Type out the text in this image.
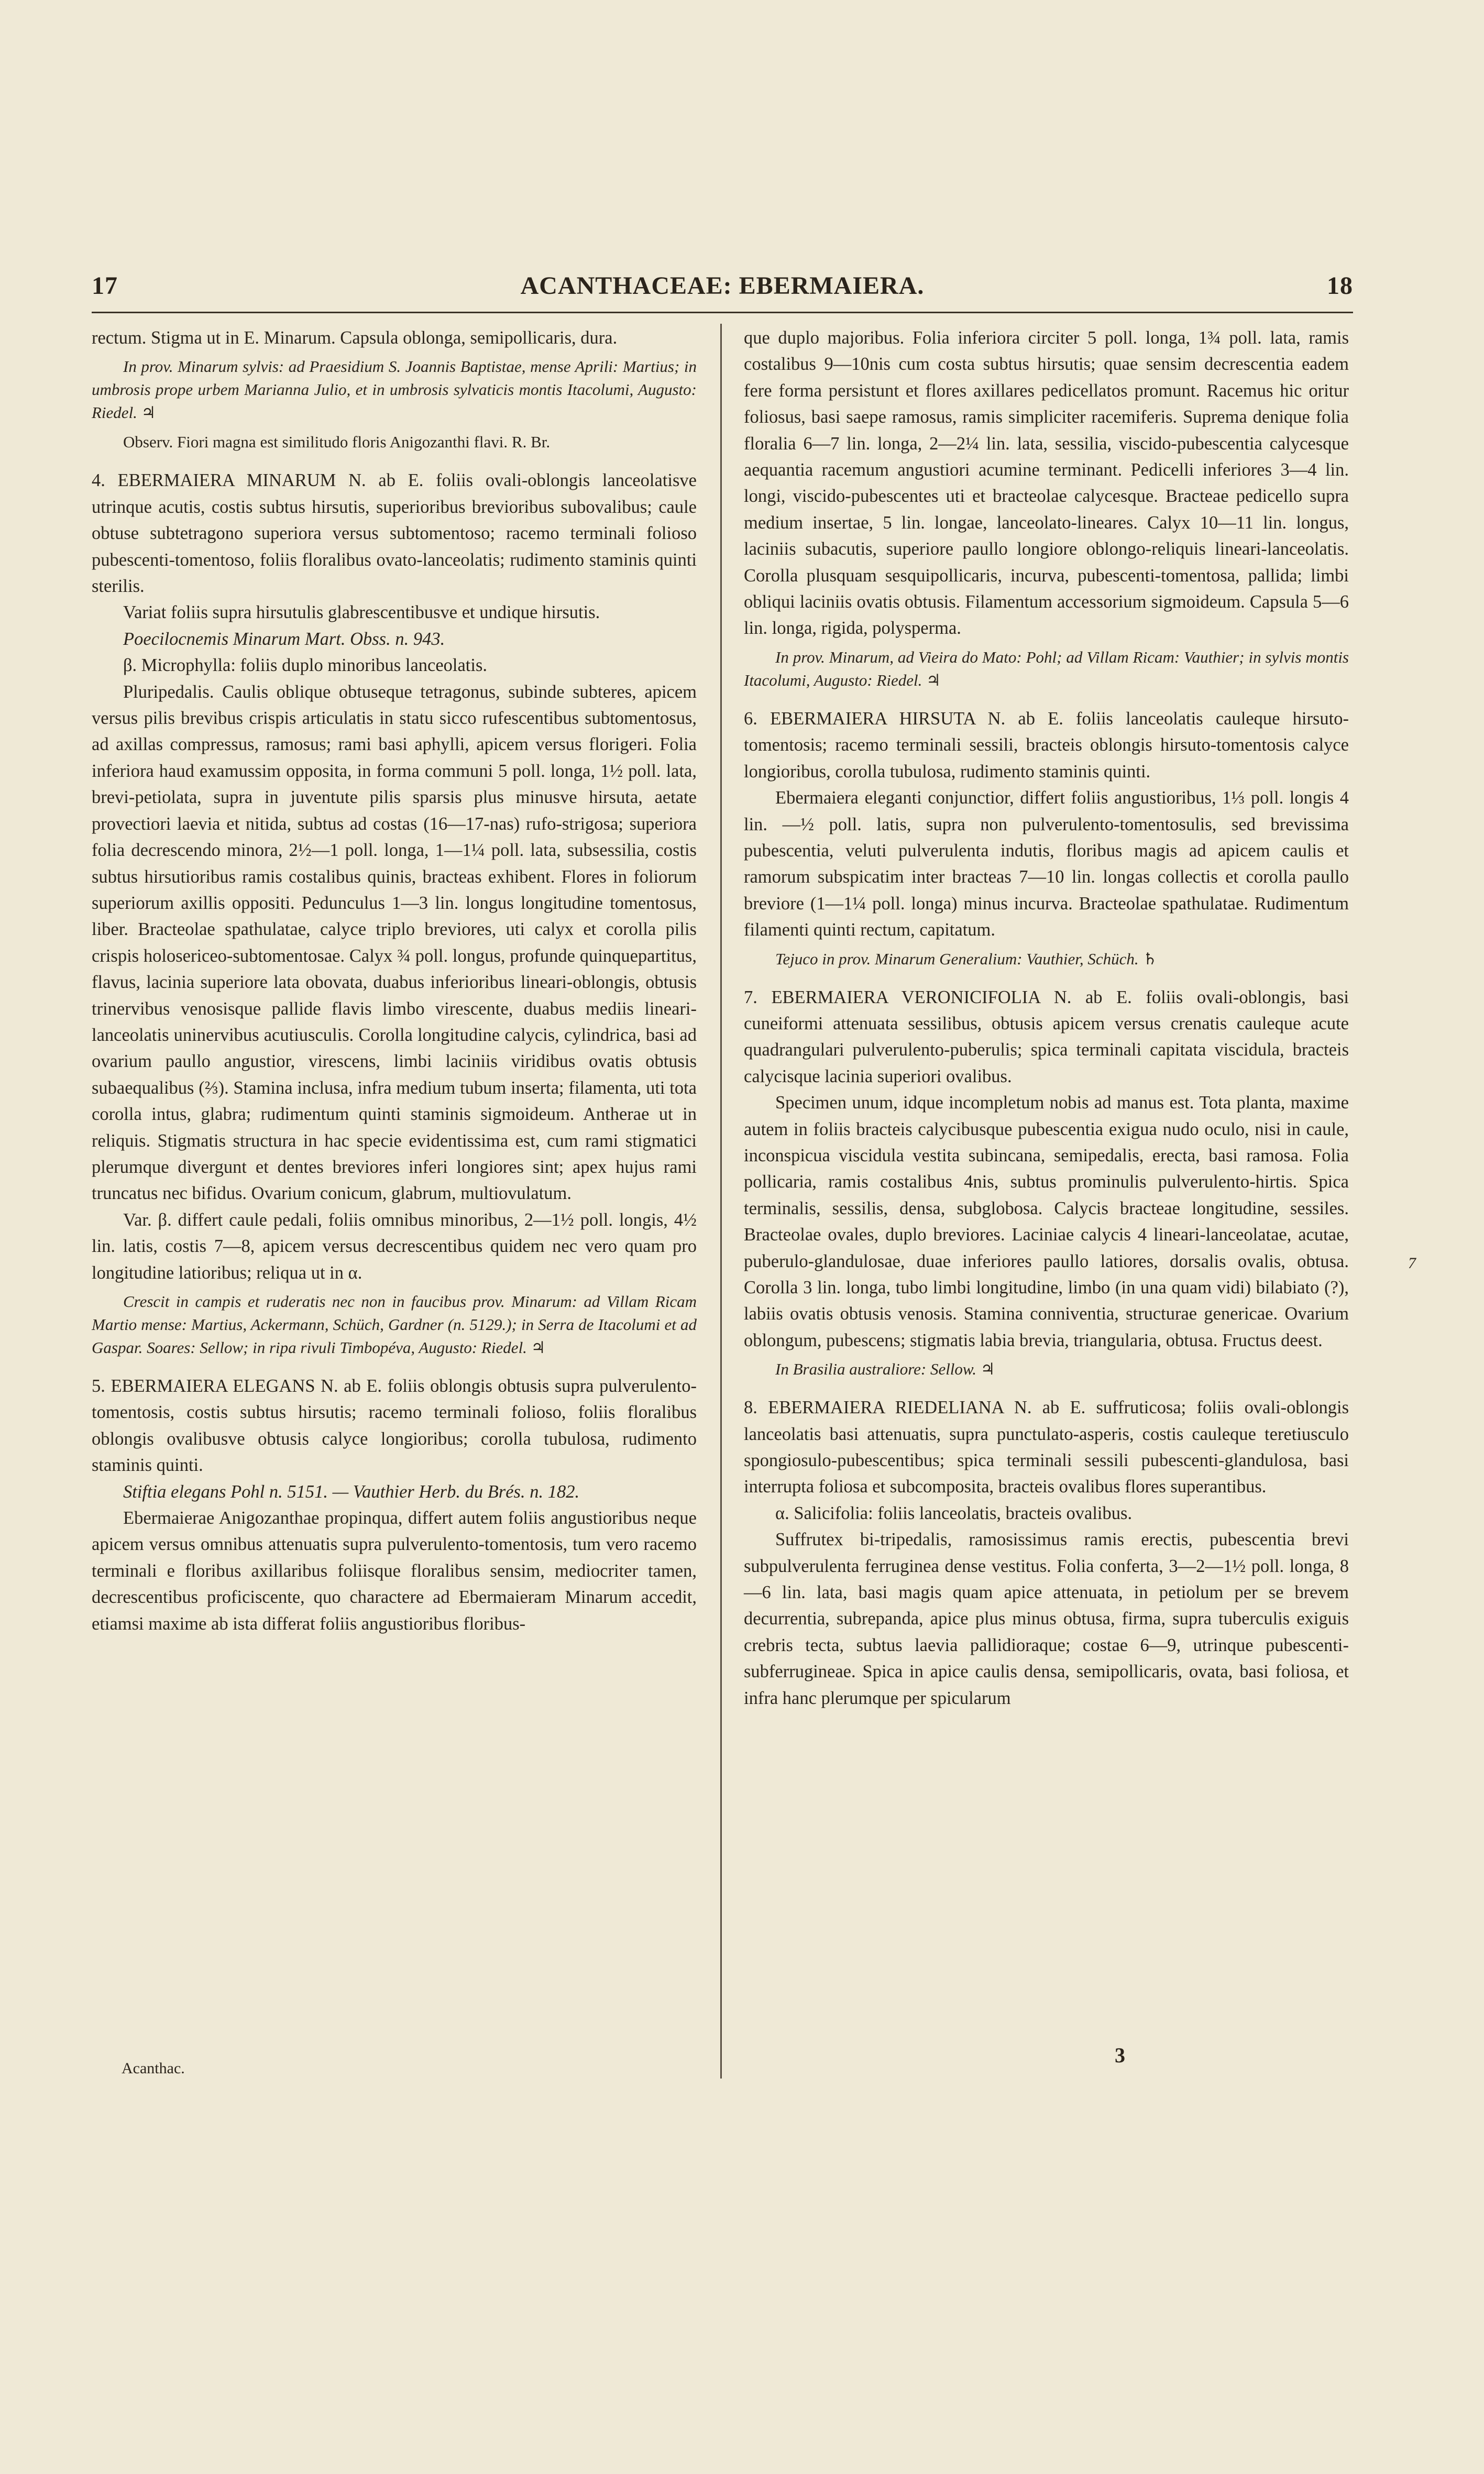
17	ACANTHACEAE: EBERMAIERA.	18

rectum. Stigma ut in E. Minarum. Capsula oblonga, semipollicaris, dura.

In prov. Minarum sylvis: ad Praesidium S. Joannis Baptistae, mense Aprili: Martius; in umbrosis prope urbem Marianna Julio, et in umbrosis sylvaticis montis Itacolumi, Augusto: Riedel. ♃

Observ. Fiori magna est similitudo floris Anigozanthi flavi. R. Br.

4. EBERMAIERA MINARUM N. ab E. foliis ovali-oblongis lanceolatisve utrinque acutis, costis subtus hirsutis, superioribus brevioribus subovalibus; caule obtuse subtetragono superiora versus subtomentoso; racemo terminali folioso pubescenti-tomentoso, foliis floralibus ovato-lanceolatis; rudimento staminis quinti sterilis.

Variat foliis supra hirsutulis glabrescentibusve et undique hirsutis.

Poecilocnemis Minarum Mart. Obss. n. 943.

β. Microphylla: foliis duplo minoribus lanceolatis.

Pluripedalis. Caulis oblique obtuseque tetragonus, subinde subteres, apicem versus pilis brevibus crispis articulatis in statu sicco rufescentibus subtomentosus, ad axillas compressus, ramosus; rami basi aphylli, apicem versus florigeri. Folia inferiora haud examussim opposita, in forma communi 5 poll. longa, 1½ poll. lata, brevi-petiolata, supra in juventute pilis sparsis plus minusve hirsuta, aetate provectiori laevia et nitida, subtus ad costas (16—17-nas) rufo-strigosa; superiora folia decrescendo minora, 2½—1 poll. longa, 1—1¼ poll. lata, subsessilia, costis subtus hirsutioribus ramis costalibus quinis, bracteas exhibent. Flores in foliorum superiorum axillis oppositi. Pedunculus 1—3 lin. longus longitudine tomentosus, liber. Bracteolae spathulatae, calyce triplo breviores, uti calyx et corolla pilis crispis holosericeo-subtomentosae. Calyx ¾ poll. longus, profunde quinquepartitus, flavus, lacinia superiore lata obovata, duabus inferioribus lineari-oblongis, obtusis trinervibus venosisque pallide flavis limbo virescente, duabus mediis lineari-lanceolatis uninervibus acutiusculis. Corolla longitudine calycis, cylindrica, basi ad ovarium paullo angustior, virescens, limbi laciniis viridibus ovatis obtusis subaequalibus (⅔). Stamina inclusa, infra medium tubum inserta; filamenta, uti tota corolla intus, glabra; rudimentum quinti staminis sigmoideum. Antherae ut in reliquis. Stigmatis structura in hac specie evidentissima est, cum rami stigmatici plerumque divergunt et dentes breviores inferi longiores sint; apex hujus rami truncatus nec bifidus. Ovarium conicum, glabrum, multiovulatum.

Var. β. differt caule pedali, foliis omnibus minoribus, 2—1½ poll. longis, 4½ lin. latis, costis 7—8, apicem versus decrescentibus quidem nec vero quam pro longitudine latioribus; reliqua ut in α.

Crescit in campis et ruderatis nec non in faucibus prov. Minarum: ad Villam Ricam Martio mense: Martius, Ackermann, Schüch, Gardner (n. 5129.); in Serra de Itacolumi et ad Gaspar. Soares: Sellow; in ripa rivuli Timbopéva, Augusto: Riedel. ♃

5. EBERMAIERA ELEGANS N. ab E. foliis oblongis obtusis supra pulverulento-tomentosis, costis subtus hirsutis; racemo terminali folioso, foliis floralibus oblongis ovalibusve obtusis calyce longioribus; corolla tubulosa, rudimento staminis quinti.

Stiftia elegans Pohl n. 5151. — Vauthier Herb. du Brés. n. 182.

Ebermaierae Anigozanthae propinqua, differt autem foliis angustioribus neque apicem versus omnibus attenuatis supra pulverulento-tomentosis, tum vero racemo terminali e floribus axillaribus foliisque floralibus sensim, mediocriter tamen, decrescentibus proficiscente, quo charactere ad Ebermaieram Minarum accedit, etiamsi maxime ab ista differat foliis angustioribus floribus-

que duplo majoribus. Folia inferiora circiter 5 poll. longa, 1¾ poll. lata, ramis costalibus 9—10nis cum costa subtus hirsutis; quae sensim decrescentia eadem fere forma persistunt et flores axillares pedicellatos promunt. Racemus hic oritur foliosus, basi saepe ramosus, ramis simpliciter racemiferis. Suprema denique folia floralia 6—7 lin. longa, 2—2¼ lin. lata, sessilia, viscido-pubescentia calycesque aequantia racemum angustiori acumine terminant. Pedicelli inferiores 3—4 lin. longi, viscido-pubescentes uti et bracteolae calycesque. Bracteae pedicello supra medium insertae, 5 lin. longae, lanceolato-lineares. Calyx 10—11 lin. longus, laciniis subacutis, superiore paullo longiore oblongo-reliquis lineari-lanceolatis. Corolla plusquam sesquipollicaris, incurva, pubescenti-tomentosa, pallida; limbi obliqui laciniis ovatis obtusis. Filamentum accessorium sigmoideum. Capsula 5—6 lin. longa, rigida, polysperma.

In prov. Minarum, ad Vieira do Mato: Pohl; ad Villam Ricam: Vauthier; in sylvis montis Itacolumi, Augusto: Riedel. ♃

6. EBERMAIERA HIRSUTA N. ab E. foliis lanceolatis cauleque hirsuto-tomentosis; racemo terminali sessili, bracteis oblongis hirsuto-tomentosis calyce longioribus, corolla tubulosa, rudimento staminis quinti.

Ebermaiera eleganti conjunctior, differt foliis angustioribus, 1⅓ poll. longis 4 lin. —½ poll. latis, supra non pulverulento-tomentosulis, sed brevissima pubescentia, veluti pulverulenta indutis, floribus magis ad apicem caulis et ramorum subspicatim inter bracteas 7—10 lin. longas collectis et corolla paullo breviore (1—1¼ poll. longa) minus incurva. Bracteolae spathulatae. Rudimentum filamenti quinti rectum, capitatum.

Tejuco in prov. Minarum Generalium: Vauthier, Schüch. ♄

7. EBERMAIERA VERONICIFOLIA N. ab E. foliis ovali-oblongis, basi cuneiformi attenuata sessilibus, obtusis apicem versus crenatis cauleque acute quadrangulari pulverulento-puberulis; spica terminali capitata viscidula, bracteis calycisque lacinia superiori ovalibus.

Specimen unum, idque incompletum nobis ad manus est. Tota planta, maxime autem in foliis bracteis calycibusque pubescentia exigua nudo oculo, nisi in caule, inconspicua viscidula vestita subincana, semipedalis, erecta, basi ramosa. Folia pollicaria, ramis costalibus 4nis, subtus prominulis pulverulento-hirtis. Spica terminalis, sessilis, densa, subglobosa. Calycis bracteae longitudine, sessiles. Bracteolae ovales, duplo breviores. Laciniae calycis 4 lineari-lanceolatae, acutae, puberulo-glandulosae, duae inferiores paullo latiores, dorsalis ovalis, obtusa. Corolla 3 lin. longa, tubo limbi longitudine, limbo (in una quam vidi) bilabiato (?), labiis ovatis obtusis venosis. Stamina conniventia, structurae genericae. Ovarium oblongum, pubescens; stigmatis labia brevia, triangularia, obtusa. Fructus deest.

In Brasilia australiore: Sellow. ♃

8. EBERMAIERA RIEDELIANA N. ab E. suffruticosa; foliis ovali-oblongis lanceolatis basi attenuatis, supra punctulato-asperis, costis cauleque teretiusculo spongiosulo-pubescentibus; spica terminali sessili pubescenti-glandulosa, basi interrupta foliosa et subcomposita, bracteis ovalibus flores superantibus.

α. Salicifolia: foliis lanceolatis, bracteis ovalibus.

Suffrutex bi-tripedalis, ramosissimus ramis erectis, pubescentia brevi subpulverulenta ferruginea dense vestitus. Folia conferta, 3—2—1½ poll. longa, 8—6 lin. lata, basi magis quam apice attenuata, in petiolum per se brevem decurrentia, subrepanda, apice plus minus obtusa, firma, supra tuberculis exiguis crebris tecta, subtus laevia pallidioraque; costae 6—9, utrinque pubescenti-subferrugineae. Spica in apice caulis densa, semipollicaris, ovata, basi foliosa, et infra hanc plerumque per spicularum

Acanthac.
3
7
